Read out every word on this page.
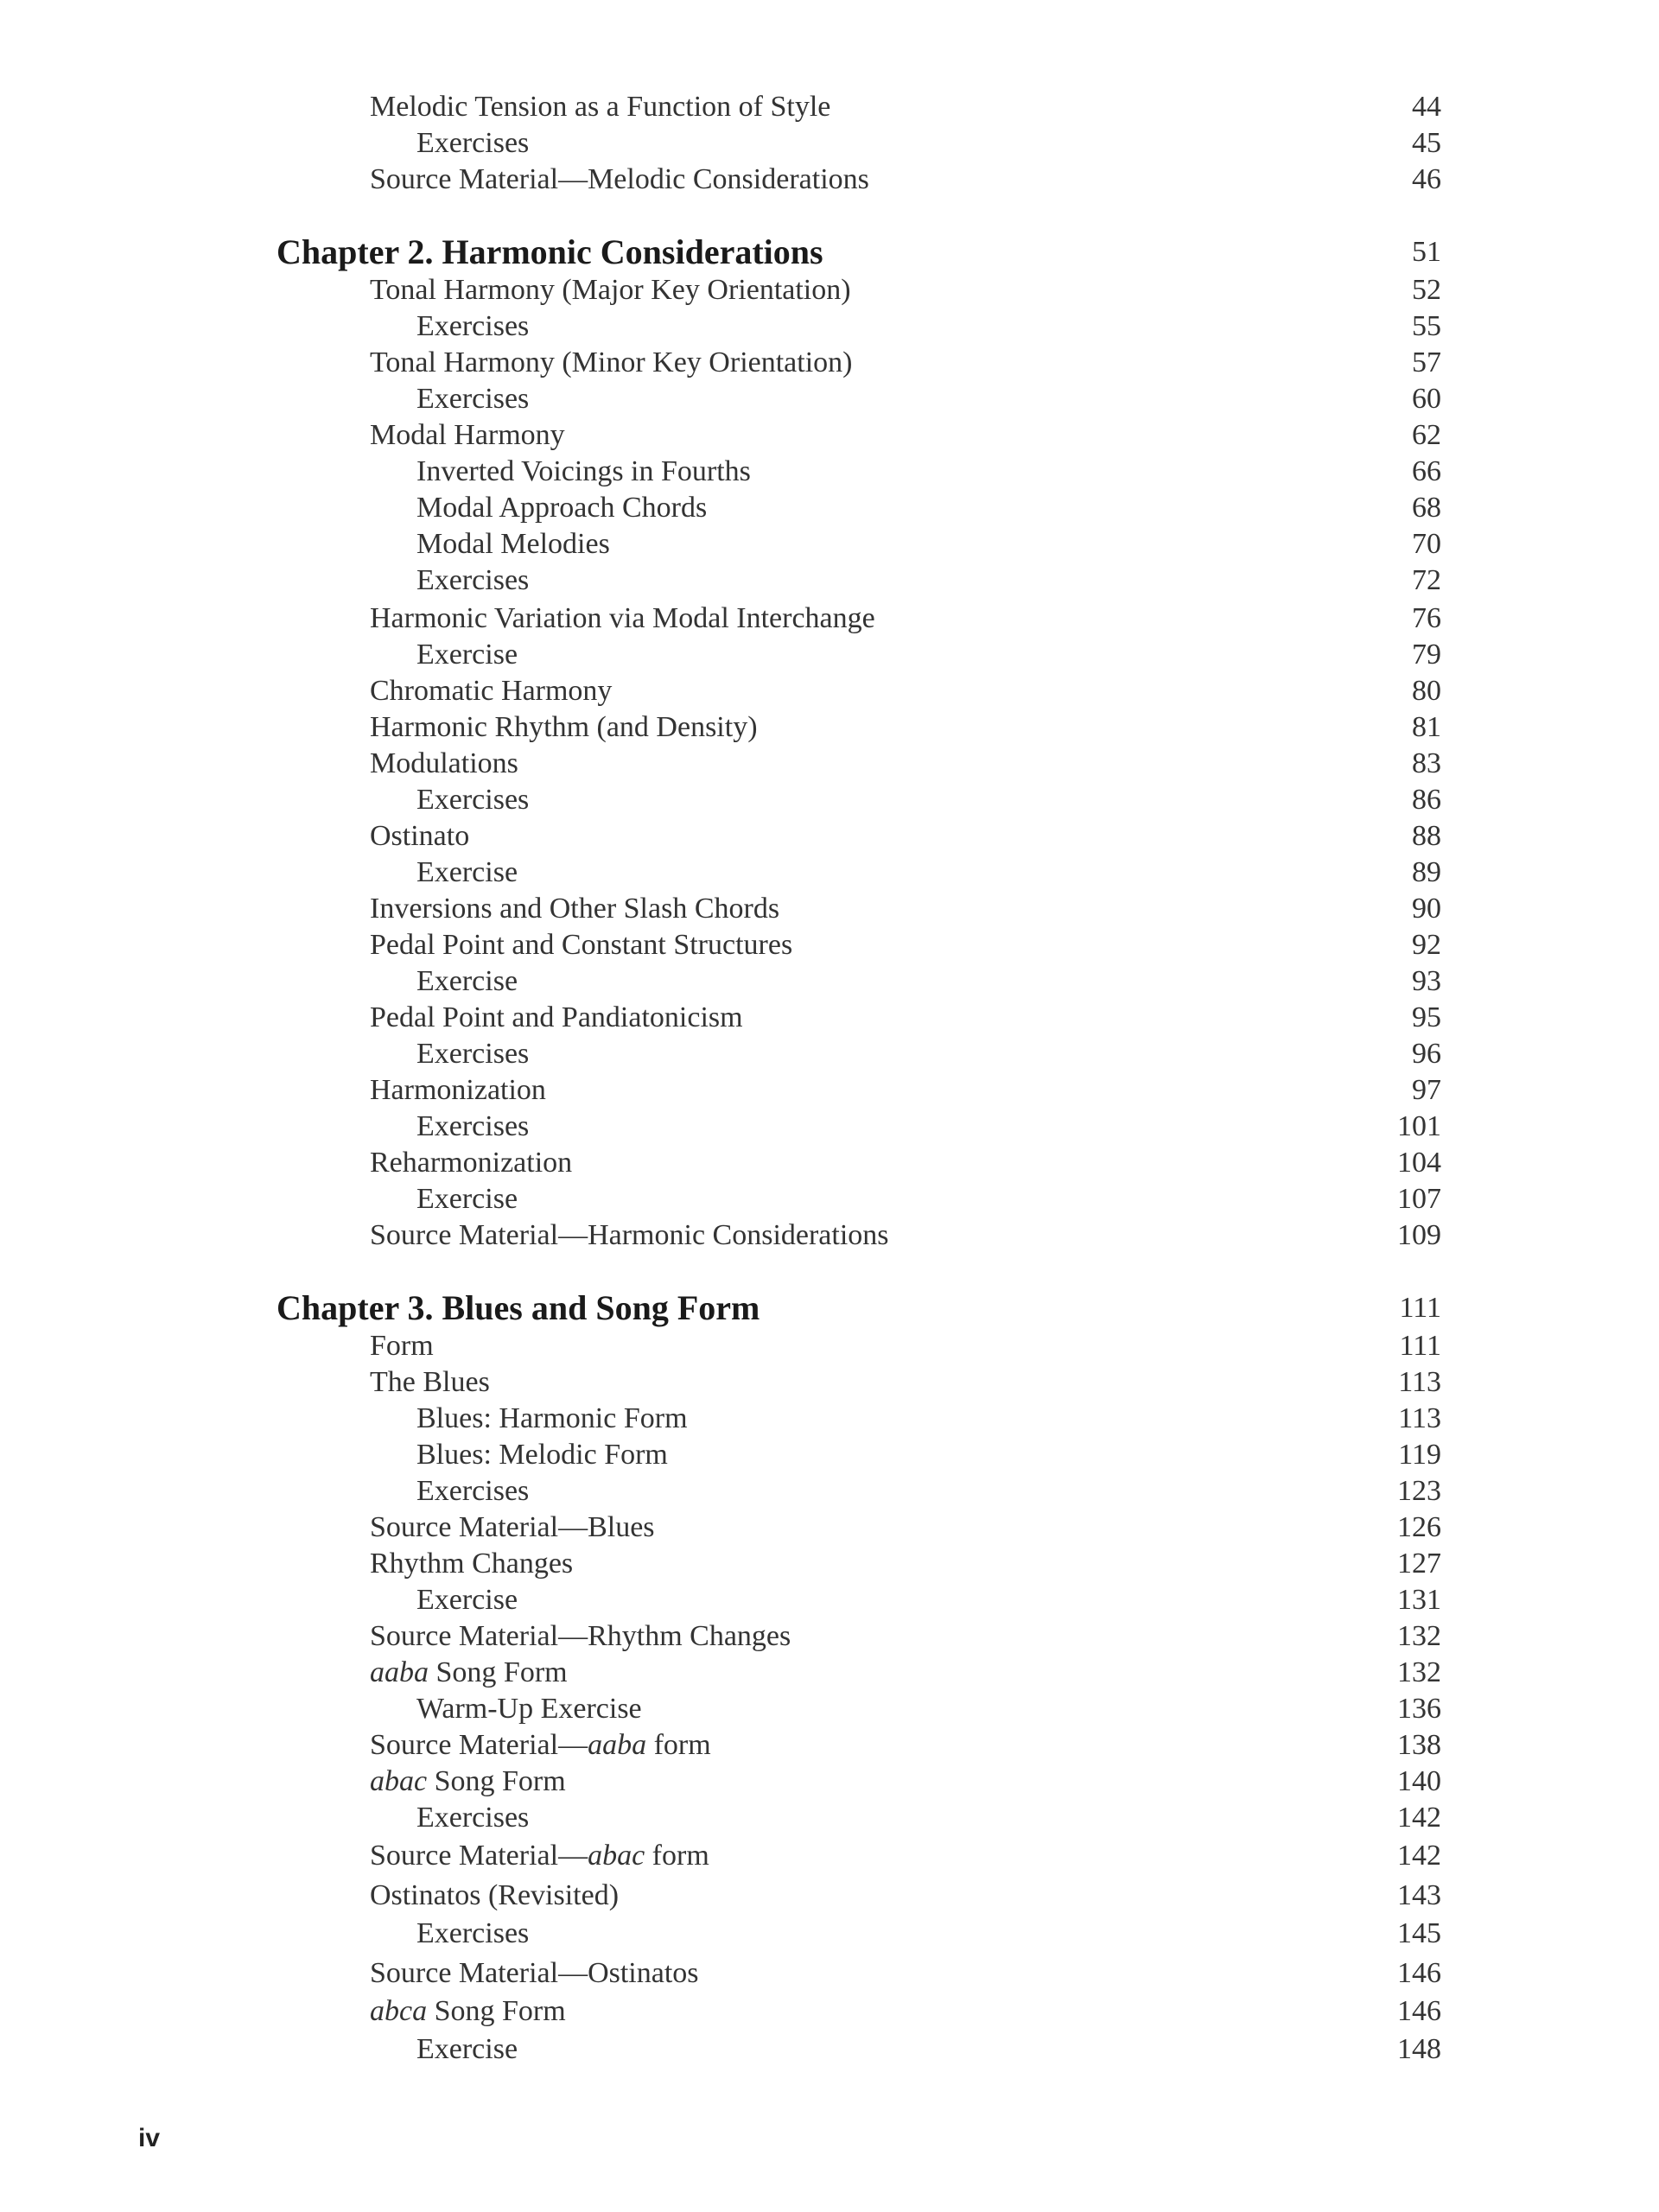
Melodic Tension as a Function of Style	44
Exercises	45
Source Material—Melodic Considerations	46
Chapter 2. Harmonic Considerations	51
Tonal Harmony (Major Key Orientation)	52
Exercises	55
Tonal Harmony (Minor Key Orientation)	57
Exercises	60
Modal Harmony	62
Inverted Voicings in Fourths	66
Modal Approach Chords	68
Modal Melodies	70
Exercises	72
Harmonic Variation via Modal Interchange	76
Exercise	79
Chromatic Harmony	80
Harmonic Rhythm (and Density)	81
Modulations	83
Exercises	86
Ostinato	88
Exercise	89
Inversions and Other Slash Chords	90
Pedal Point and Constant Structures	92
Exercise	93
Pedal Point and Pandiatonicism	95
Exercises	96
Harmonization	97
Exercises	101
Reharmonization	104
Exercise	107
Source Material—Harmonic Considerations	109
Chapter 3. Blues and Song Form	111
Form	111
The Blues	113
Blues: Harmonic Form	113
Blues: Melodic Form	119
Exercises	123
Source Material—Blues	126
Rhythm Changes	127
Exercise	131
Source Material—Rhythm Changes	132
aaba Song Form	132
Warm-Up Exercise	136
Source Material—aaba form	138
abac Song Form	140
Exercises	142
Source Material—abac form	142
Ostinatos (Revisited)	143
Exercises	145
Source Material—Ostinatos	146
abca Song Form	146
Exercise	148
iv
